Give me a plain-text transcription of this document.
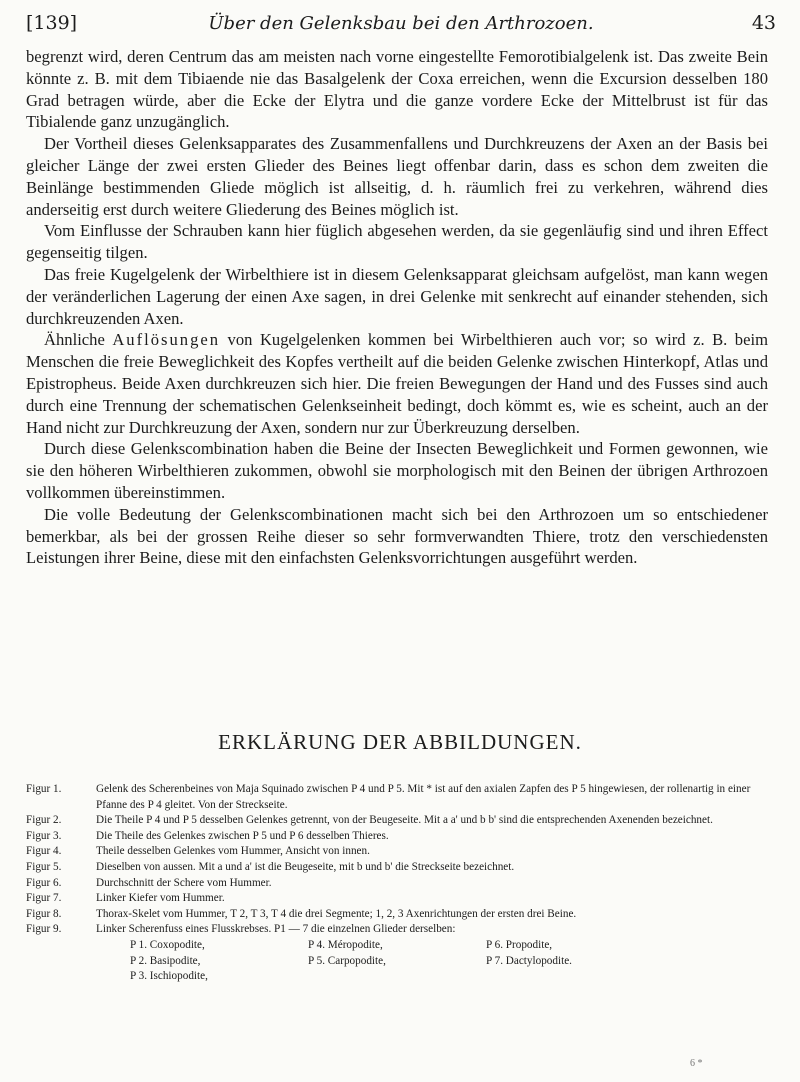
[139]	Über den Gelenksbau bei den Arthrozoen.	43

begrenzt wird, deren Centrum das am meisten nach vorne eingestellte Femorotibialgelenk ist. Das zweite Bein könnte z. B. mit dem Tibiaende nie das Basalgelenk der Coxa erreichen, wenn die Excursion desselben 180 Grad betragen würde, aber die Ecke der Elytra und die ganze vordere Ecke der Mittelbrust ist für das Tibialende ganz unzugänglich.

Der Vortheil dieses Gelenksapparates des Zusammenfallens und Durchkreuzens der Axen an der Basis bei gleicher Länge der zwei ersten Glieder des Beines liegt offenbar darin, dass es schon dem zweiten die Beinlänge bestimmenden Gliede möglich ist allseitig, d. h. räumlich frei zu verkehren, während dies anderseitig erst durch weitere Gliederung des Beines möglich ist.

Vom Einflusse der Schrauben kann hier füglich abgesehen werden, da sie gegenläufig sind und ihren Effect gegenseitig tilgen.

Das freie Kugelgelenk der Wirbelthiere ist in diesem Gelenksapparat gleichsam aufgelöst, man kann wegen der veränderlichen Lagerung der einen Axe sagen, in drei Gelenke mit senkrecht auf einander stehenden, sich durchkreuzenden Axen.

Ähnliche Auflösungen von Kugelgelenken kommen bei Wirbelthieren auch vor; so wird z. B. beim Menschen die freie Beweglichkeit des Kopfes vertheilt auf die beiden Gelenke zwischen Hinterkopf, Atlas und Epistropheus. Beide Axen durchkreuzen sich hier. Die freien Bewegungen der Hand und des Fusses sind auch durch eine Trennung der schematischen Gelenkseinheit bedingt, doch kömmt es, wie es scheint, auch an der Hand nicht zur Durchkreuzung der Axen, sondern nur zur Überkreuzung derselben.

Durch diese Gelenkscombination haben die Beine der Insecten Beweglichkeit und Formen gewonnen, wie sie den höheren Wirbelthieren zukommen, obwohl sie morphologisch mit den Beinen der übrigen Arthrozoen vollkommen übereinstimmen.

Die volle Bedeutung der Gelenkscombinationen macht sich bei den Arthrozoen um so entschiedener bemerkbar, als bei der grossen Reihe dieser so sehr formverwandten Thiere, trotz den verschiedensten Leistungen ihrer Beine, diese mit den einfachsten Gelenksvorrichtungen ausgeführt werden.

ERKLÄRUNG DER ABBILDUNGEN.
Figur 1.	Gelenk des Scherenbeines von Maja Squinado zwischen P 4 und P 5. Mit * ist auf den axialen Zapfen des P 5 hingewiesen, der rollenartig in einer Pfanne des P 4 gleitet. Von der Streckseite.
Figur 2.	Die Theile P 4 und P 5 desselben Gelenkes getrennt, von der Beugeseite. Mit a a' und b b' sind die entsprechenden Axenenden bezeichnet.
Figur 3.	Die Theile des Gelenkes zwischen P 5 und P 6 desselben Thieres.
Figur 4.	Theile desselben Gelenkes vom Hummer, Ansicht von innen.
Figur 5.	Dieselben von aussen. Mit a und a' ist die Beugeseite, mit b und b' die Streckseite bezeichnet.
Figur 6.	Durchschnitt der Schere vom Hummer.
Figur 7.	Linker Kiefer vom Hummer.
Figur 8.	Thorax-Skelet vom Hummer, T 2, T 3, T 4 die drei Segmente; 1, 2, 3 Axenrichtungen der ersten drei Beine.
Figur 9.	Linker Scherenfuss eines Flusskrebses. P1 — 7 die einzelnen Glieder derselben:
P 1. Coxopodite,	P 4. Méropodite,	P 6. Propodite,
P 2. Basipodite,	P 5. Carpopodite,	P 7. Dactylopodite.
P 3. Ischiopodite,
6 *
